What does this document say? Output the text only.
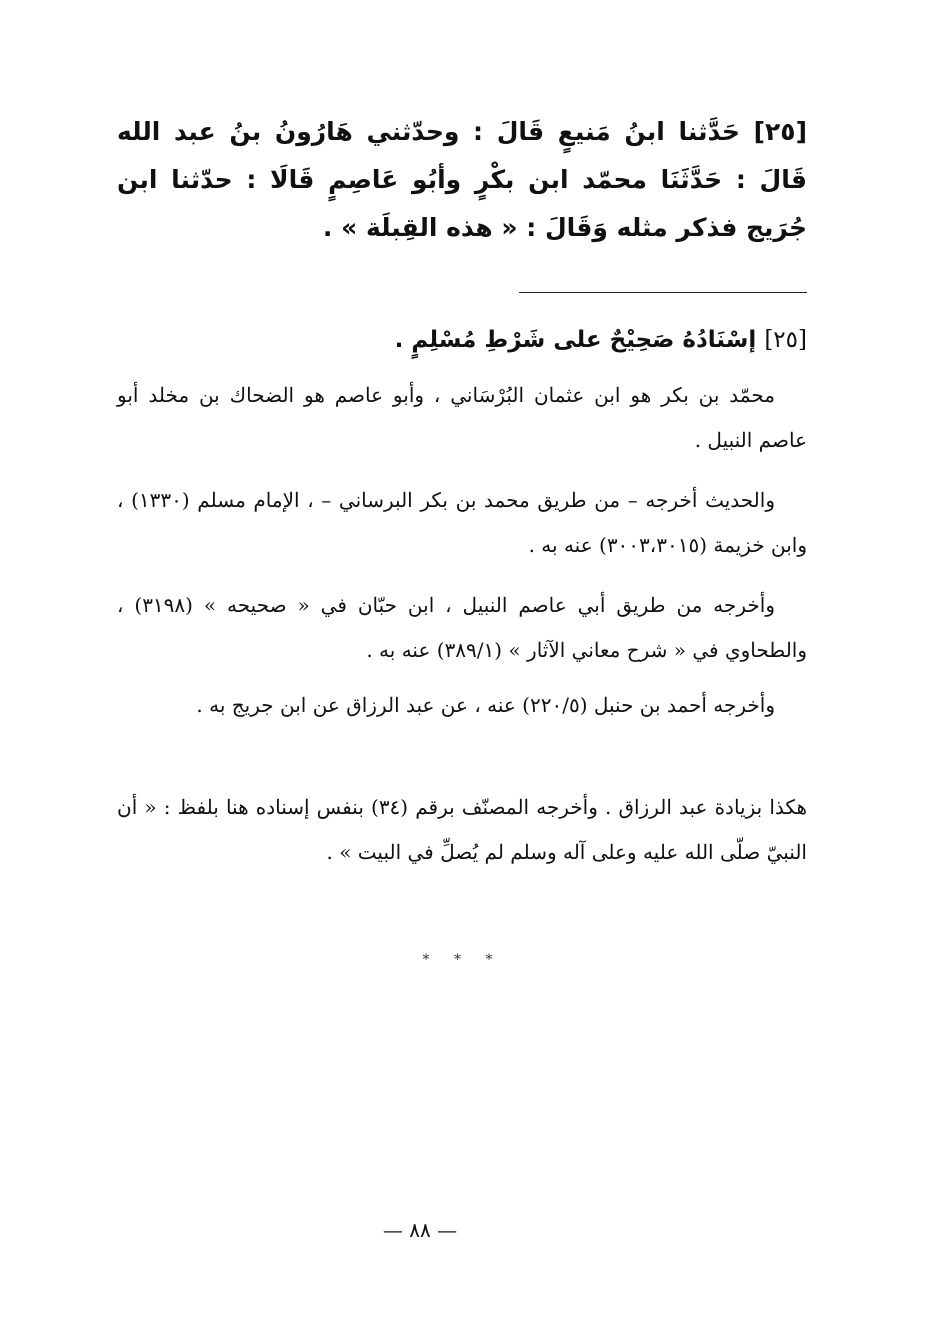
[٢٥] حَدَّثنا ابنُ مَنيعٍ قَالَ : وحدّثني هَارُونُ بنُ عبد الله قَالَ : حَدَّثَنَا محمّد ابن بكْرٍ وأبُو عَاصِمٍ قَالَا : حدّثنا ابن جُرَيج فذكر مثله وَقَالَ : « هذه القِبلَة » .
[٢٥] إسْنَادُهُ صَحِيْحٌ على شَرْطِ مُسْلِمٍ .

محمّد بن بكر هو ابن عثمان البُرْسَاني ، وأبو عاصم هو الضحاك بن مخلد أبو عاصم النبيل .

والحديث أخرجه – من طريق محمد بن بكر البرساني – ، الإمام مسلم (١٣٣٠) ، وابن خزيمة (٣٠٠٣،٣٠١٥) عنه به .

وأخرجه من طريق أبي عاصم النبيل ، ابن حبّان في « صحيحه » (٣١٩٨) ، والطحاوي في « شرح معاني الآثار » (٣٨٩/١) عنه به .

وأخرجه أحمد بن حنبل (٢٢٠/٥) عنه ، عن عبد الرزاق عن ابن جريج به .

هكذا بزيادة عبد الرزاق . وأخرجه المصنّف برقم (٣٤) بنفس إسناده هنا بلفظ : « أن النبيّ صلّى الله عليه وعلى آله وسلم لم يُصلِّ في البيت » .

* * *
— ٨٨ —
